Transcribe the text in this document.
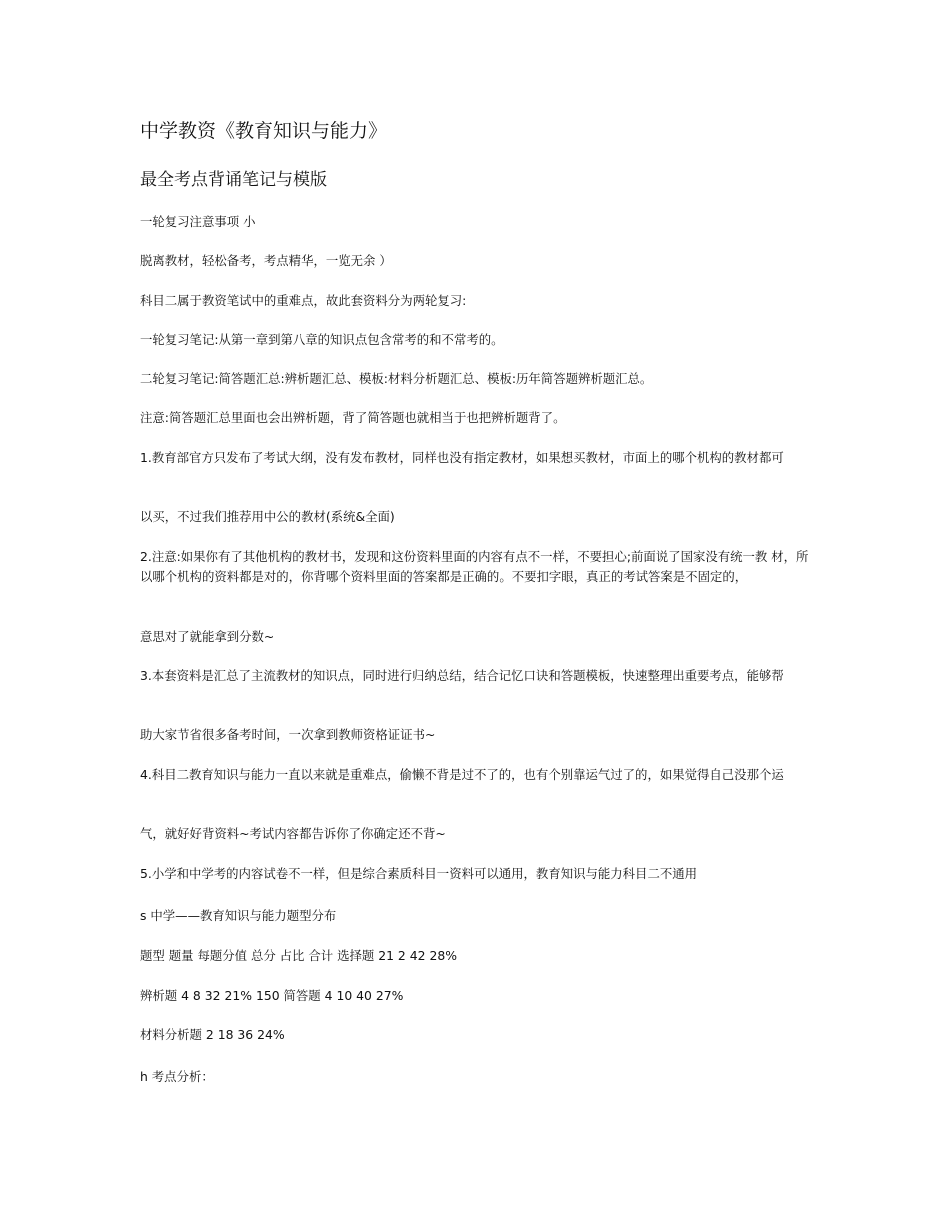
中学教资《教育知识与能力》
最全考点背诵笔记与模版

一轮复习注意事项 小

脱离教材，轻松备考，考点精华，一览无余 ）

科目二属于教资笔试中的重难点，故此套资料分为两轮复习:

一轮复习笔记:从第一章到第八章的知识点包含常考的和不常考的。

二轮复习笔记:简答题汇总:辨析题汇总、模板:材料分析题汇总、模板:历年简答题辨析题汇总。

注意:简答题汇总里面也会出辨析题，背了简答题也就相当于也把辨析题背了。

1.教育部官方只发布了考试大纲，没有发布教材，同样也没有指定教材，如果想买教材，市面上的哪个机构的教材都可

以买，不过我们推荐用中公的教材(系统&全面)

2.注意:如果你有了其他机构的教材书，发现和这份资料里面的内容有点不一样，不要担心;前面说了国家没有统一教 材，所以哪个机构的资料都是对的，你背哪个资料里面的答案都是正确的。不要扣字眼，真正的考试答案是不固定的，

意思对了就能拿到分数~

3.本套资料是汇总了主流教材的知识点，同时进行归纳总结，结合记忆口诀和答题模板，快速整理出重要考点，能够帮

助大家节省很多备考时间，一次拿到教师资格证证书~

4.科目二教育知识与能力一直以来就是重难点，偷懒不背是过不了的，也有个别靠运气过了的，如果觉得自己没那个运

气，就好好背资料~考试内容都告诉你了你确定还不背~

5.小学和中学考的内容试卷不一样，但是综合素质科目一资料可以通用，教育知识与能力科目二不通用

s 中学——教育知识与能力题型分布

题型 题量 每题分值 总分 占比 合计 选择题 21 2 42 28%

辨析题 4 8 32 21% 150 简答题 4 10 40 27%

材料分析题 2 18 36 24%

h 考点分析：
